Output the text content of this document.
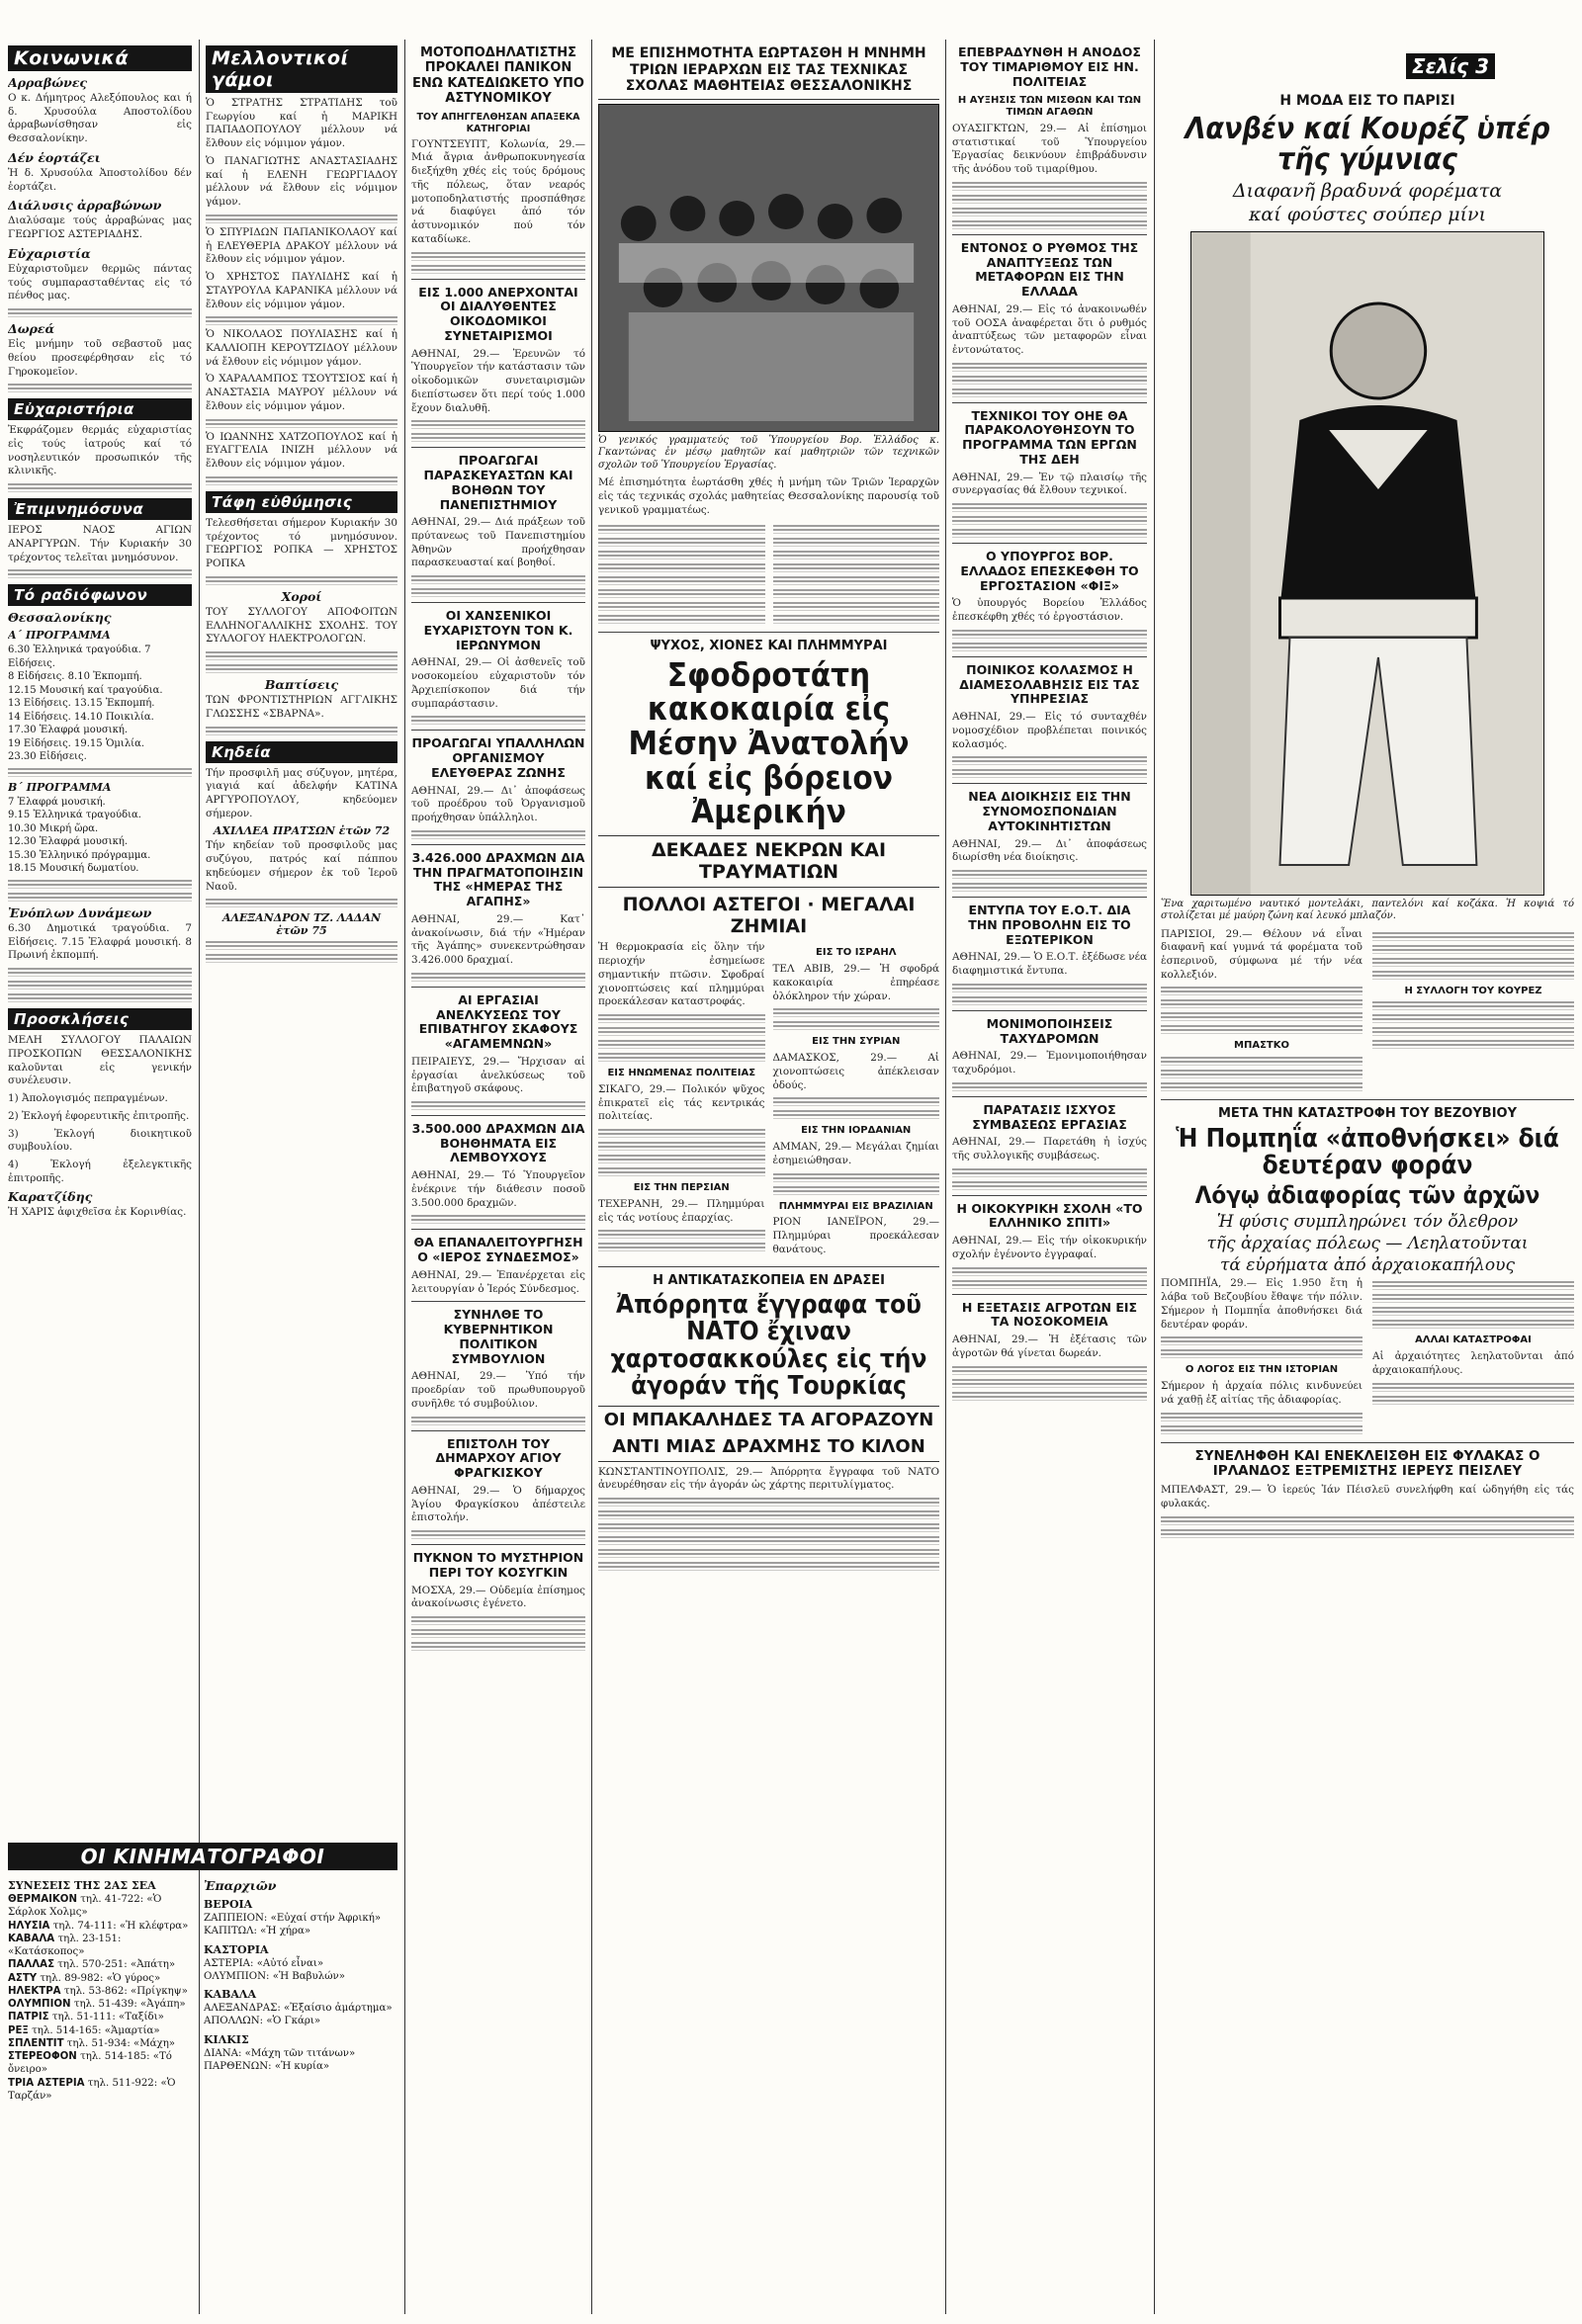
Σελίς 3
Κοινωνικά
Αρραβώνες

Ο κ. Δήμητρος Αλεξόπουλος και ή δ. Χρυσούλα Αποστολίδου ἀρραβωνίσθησαν εἰς Θεσσαλονίκην.

Δέν ἑορτάζει

Ἡ δ. Χρυσούλα Ἀποστολίδου δέν ἑορτάζει.

Διάλυσις ἀρραβώνων

Διαλύσαμε τούς ἀρραβώνας μας ΓΕΩΡΓΙΟΣ ΑΣΤΕΡΙΑΔΗΣ.

Εὐχαριστία

Εὐχαριστοῦμεν θερμῶς πάντας τούς συμπαρασταθέντας εἰς τό πένθος μας.

Δωρεά

Εἰς μνήμην τοῦ σεβαστοῦ μας θείου προσεφέρθησαν εἰς τό Γηροκομεῖον.

Εὐχαριστήρια

Ἐκφράζομεν θερμάς εὐχαριστίας εἰς τούς ἰατρούς καί τό νοσηλευτικόν προσωπικόν τῆς κλινικῆς.

Ἐπιμνημόσυνα

ΙΕΡΟΣ ΝΑΟΣ ΑΓΙΩΝ ΑΝΑΡΓΥΡΩΝ. Τήν Κυριακήν 30 τρέχοντος τελεῖται μνημόσυνον.

Τό ραδιόφωνον
Θεσσαλονίκης
Α΄ ΠΡΟΓΡΑΜΜΑ
6.30 Ἐλληνικά τραγούδια. 7 Εἰδήσεις.
8 Εἰδήσεις. 8.10 Ἐκπομπή.
12.15 Μουσική καί τραγούδια.
13 Εἰδήσεις. 13.15 Ἐκπομπή.
14 Εἰδήσεις. 14.10 Ποικιλία.
17.30 Ἐλαφρά μουσική.
19 Εἰδήσεις. 19.15 Ὁμιλία.
23.30 Εἰδήσεις.
Β΄ ΠΡΟΓΡΑΜΜΑ
7 Ἐλαφρά μουσική.
9.15 Ἐλληνικά τραγούδια.
10.30 Μικρή ὥρα.
12.30 Ἐλαφρά μουσική.
15.30 Ἑλληνικό πρόγραμμα.
18.15 Μουσική δωματίου.
Ἐνόπλων Δυνάμεων

6.30 Δημοτικά τραγούδια. 7 Εἰδήσεις. 7.15 Ἐλαφρά μουσική. 8 Πρωινή ἐκπομπή.

Προσκλήσεις

ΜΕΛΗ ΣΥΛΛΟΓΟΥ ΠΑΛΑΙΩΝ ΠΡΟΣΚΟΠΩΝ ΘΕΣΣΑΛΟΝΙΚΗΣ καλοῦνται εἰς γενικήν συνέλευσιν.

1) Ἀπολογισμός πεπραγμένων.

2) Ἐκλογή ἐφορευτικῆς ἐπιτροπῆς.

3) Ἐκλογή διοικητικοῦ συμβουλίου.

4) Ἐκλογή ἐξελεγκτικῆς ἐπιτροπῆς.

Καρατζίδης

Ἡ ΧΑΡΙΣ ἀφιχθεῖσα ἐκ Κορινθίας.

Μελλοντικοί γάμοι

Ὁ ΣΤΡΑΤΗΣ ΣΤΡΑΤΙΔΗΣ τοῦ Γεωργίου καί ἡ ΜΑΡΙΚΗ ΠΑΠΑΔΟΠΟΥΛΟΥ μέλλουν νά ἔλθουν εἰς νόμιμον γάμον.

Ὁ ΠΑΝΑΓΙΩΤΗΣ ΑΝΑΣΤΑΣΙΑΔΗΣ καί ἡ ΕΛΕΝΗ ΓΕΩΡΓΙΑΔΟΥ μέλλουν νά ἔλθουν εἰς νόμιμον γάμον.

Ὁ ΣΠΥΡΙΔΩΝ ΠΑΠΑΝΙΚΟΛΑΟΥ καί ἡ ΕΛΕΥΘΕΡΙΑ ΔΡΑΚΟΥ μέλλουν νά ἔλθουν εἰς νόμιμον γάμον.

Ὁ ΧΡΗΣΤΟΣ ΠΑΥΛΙΔΗΣ καί ἡ ΣΤΑΥΡΟΥΛΑ ΚΑΡΑΝΙΚΑ μέλλουν νά ἔλθουν εἰς νόμιμον γάμον.

Ὁ ΝΙΚΟΛΑΟΣ ΠΟΥΛΙΑΣΗΣ καί ἡ ΚΑΛΛΙΟΠΗ ΚΕΡΟΥΤΖΙΔΟΥ μέλλουν νά ἔλθουν εἰς νόμιμον γάμον.

Ὁ ΧΑΡΑΛΑΜΠΟΣ ΤΣΟΥΤΣΙΟΣ καί ἡ ΑΝΑΣΤΑΣΙΑ ΜΑΥΡΟΥ μέλλουν νά ἔλθουν εἰς νόμιμον γάμον.

Ὁ ΙΩΑΝΝΗΣ ΧΑΤΖΟΠΟΥΛΟΣ καί ἡ ΕΥΑΓΓΕΛΙΑ ΙΝΙΖΗ μέλλουν νά ἔλθουν εἰς νόμιμον γάμον.

Τάφη εὐθύμησις

Τελεσθήσεται σήμερον Κυριακήν 30 τρέχοντος τό μνημόσυνον. ΓΕΩΡΓΙΟΣ ΡΟΠΚΑ — ΧΡΗΣΤΟΣ ΡΟΠΚΑ

Χοροί

ΤΟΥ ΣΥΛΛΟΓΟΥ ΑΠΟΦΟΙΤΩΝ ΕΛΛΗΝΟΓΑΛΛΙΚΗΣ ΣΧΟΛΗΣ. ΤΟΥ ΣΥΛΛΟΓΟΥ ΗΛΕΚΤΡΟΛΟΓΩΝ.

Βαπτίσεις

ΤΩΝ ΦΡΟΝΤΙΣΤΗΡΙΩΝ ΑΓΓΛΙΚΗΣ ΓΛΩΣΣΗΣ «ΣΒΑΡΝΑ».

Κηδεία

Τήν προσφιλῆ μας σύζυγον, μητέρα, γιαγιά καί ἀδελφήν ΚΑΤΙΝΑ ΑΡΓΥΡΟΠΟΥΛΟΥ, κηδεύομεν σήμερον.

ΑΧΙΛΛΕΑ ΠΡΑΤΣΩΝ ἐτῶν 72

Τήν κηδείαν τοῦ προσφιλοῦς μας συζύγου, πατρός καί πάππου κηδεύομεν σήμερον ἐκ τοῦ Ἱεροῦ Ναοῦ.

ΑΛΕΞΑΝΔΡΟΝ ΤΖ. ΛΑΔΑΝ ἐτῶν 75
ΟΙ ΚΙΝΗΜΑΤΟΓΡΑΦΟΙ
ΣΥΝΕΣΕΙΣ ΤΗΣ 2ΑΣ ΣΕΑ
ΘΕΡΜΑΙΚΟΝ τηλ. 41-722: «Ὁ Σάρλοκ Χολμς»
ΗΛΥΣΙΑ τηλ. 74-111: «Ἡ κλέφτρα»
ΚΑΒΑΛΑ τηλ. 23-151: «Κατάσκοπος»
ΠΑΛΛΑΣ τηλ. 570-251: «Ἀπάτη»
ΑΣΤΥ τηλ. 89-982: «Ὁ γύρος»
ΗΛΕΚΤΡΑ τηλ. 53-862: «Πρίγκηψ»
ΟΛΥΜΠΙΟΝ τηλ. 51-439: «Ἀγάπη»
ΠΑΤΡΙΣ τηλ. 51-111: «Ταξίδι»
ΡΕΞ τηλ. 514-165: «Ἁμαρτία»
ΣΠΛΕΝΤΙΤ τηλ. 51-934: «Μάχη»
ΣΤΕΡΕΟΦΟΝ τηλ. 514-185: «Τό ὄνειρο»
ΤΡΙΑ ΑΣΤΕΡΙΑ τηλ. 511-922: «Ὁ Ταρζάν»
Ἐπαρχιῶν
ΒΕΡΟΙΑ
ΖΑΠΠΕΙΟΝ: «Εὐχαί στήν Ἀφρική»
ΚΑΠΙΤΩΛ: «Ἡ χήρα»
ΚΑΣΤΟΡΙΑ
ΑΣΤΕΡΙΑ: «Αὐτό εἶναι»
ΟΛΥΜΠΙΟΝ: «Ἡ Βαβυλών»
ΚΑΒΑΛΑ
ΑΛΕΞΑΝΔΡΑΣ: «Ἐξαίσιο ἀμάρτημα»
ΑΠΟΛΛΩΝ: «Ὁ Γκάρι»
ΚΙΛΚΙΣ
ΔΙΑΝΑ: «Μάχη τῶν τιτάνων»
ΠΑΡΘΕΝΩΝ: «Ἡ κυρία»
ΜΟΤΟΠΟΔΗΛΑΤΙΣΤΗΣ ΠΡΟΚΑΛΕΙ ΠΑΝΙΚΟΝ ΕΝΩ ΚΑΤΕΔΙΩΚΕΤΟ ΥΠΟ ΑΣΤΥΝΟΜΙΚΟΥ
ΤΟΥ ΑΠΗΓΓΕΛΘΗΣΑΝ ΑΠΑΞΕΚΑ ΚΑΤΗΓΟΡΙΑΙ

ΓΟΥΝΤΣΕΥΠΤ, Κολωνία, 29.— Μιά ἄγρια ἀνθρωποκυνηγεσία διεξήχθη χθές εἰς τούς δρόμους τῆς πόλεως, ὅταν νεαρός μοτοποδηλατιστής προσπάθησε νά διαφύγει ἀπό τόν ἀστυνομικόν πού τόν καταδίωκε.

ΕΙΣ 1.000 ΑΝΕΡΧΟΝΤΑΙ ΟΙ ΔΙΑΛΥΘΕΝΤΕΣ ΟΙΚΟΔΟΜΙΚΟΙ ΣΥΝΕΤΑΙΡΙΣΜΟΙ

ΑΘΗΝΑΙ, 29.— Ἐρευνῶν τό Ὑπουργεῖον τήν κατάστασιν τῶν οἰκοδομικῶν συνεταιρισμῶν διεπίστωσεν ὅτι περί τούς 1.000 ἔχουν διαλυθῆ.

ΠΡΟΑΓΩΓΑΙ ΠΑΡΑΣΚΕΥΑΣΤΩΝ ΚΑΙ ΒΟΗΘΩΝ ΤΟΥ ΠΑΝΕΠΙΣΤΗΜΙΟΥ

ΑΘΗΝΑΙ, 29.— Διά πράξεων τοῦ πρύτανεως τοῦ Πανεπιστημίου Ἀθηνῶν προήχθησαν παρασκευασταί καί βοηθοί.

ΟΙ ΧΑΝΣΕΝΙΚΟΙ ΕΥΧΑΡΙΣΤΟΥΝ ΤΟΝ Κ. ΙΕΡΩΝΥΜΟΝ

ΑΘΗΝΑΙ, 29.— Οἱ ἀσθενεῖς τοῦ νοσοκομείου εὐχαριστοῦν τόν Ἀρχιεπίσκοπον διά τήν συμπαράστασιν.

ΠΡΟΑΓΩΓΑΙ ΥΠΑΛΛΗΛΩΝ ΟΡΓΑΝΙΣΜΟΥ ΕΛΕΥΘΕΡΑΣ ΖΩΝΗΣ

ΑΘΗΝΑΙ, 29.— Δι᾽ ἀποφάσεως τοῦ προέδρου τοῦ Ὀργανισμοῦ προήχθησαν ὑπάλληλοι.

3.426.000 ΔΡΑΧΜΩΝ ΔΙΑ ΤΗΝ ΠΡΑΓΜΑΤΟΠΟΙΗΣΙΝ ΤΗΣ «ΗΜΕΡΑΣ ΤΗΣ ΑΓΑΠΗΣ»

ΑΘΗΝΑΙ, 29.— Κατ᾽ ἀνακοίνωσιν, διά τήν «Ἡμέραν τῆς Ἀγάπης» συνεκεντρώθησαν 3.426.000 δραχμαί.

ΑΙ ΕΡΓΑΣΙΑΙ ΑΝΕΛΚΥΣΕΩΣ ΤΟΥ ΕΠΙΒΑΤΗΓΟΥ ΣΚΑΦΟΥΣ «ΑΓΑΜΕΜΝΩΝ»

ΠΕΙΡΑΙΕΥΣ, 29.— Ἤρχισαν αἱ ἐργασίαι ἀνελκύσεως τοῦ ἐπιβατηγοῦ σκάφους.

3.500.000 ΔΡΑΧΜΩΝ ΔΙΑ ΒΟΗΘΗΜΑΤΑ ΕΙΣ ΛΕΜΒΟΥΧΟΥΣ

ΑΘΗΝΑΙ, 29.— Τό Ὑπουργεῖον ἐνέκρινε τήν διάθεσιν ποσοῦ 3.500.000 δραχμῶν.

ΘΑ ΕΠΑΝΑΛΕΙΤΟΥΡΓΗΣΗ Ο «ΙΕΡΟΣ ΣΥΝΔΕΣΜΟΣ»

ΑΘΗΝΑΙ, 29.— Ἐπανέρχεται εἰς λειτουργίαν ὁ Ἱερός Σύνδεσμος.

ΣΥΝΗΛΘΕ ΤΟ ΚΥΒΕΡΝΗΤΙΚΟΝ ΠΟΛΙΤΙΚΟΝ ΣΥΜΒΟΥΛΙΟΝ

ΑΘΗΝΑΙ, 29.— Ὑπό τήν προεδρίαν τοῦ πρωθυπουργοῦ συνῆλθε τό συμβούλιον.

ΕΠΙΣΤΟΛΗ ΤΟΥ ΔΗΜΑΡΧΟΥ ΑΓΙΟΥ ΦΡΑΓΚΙΣΚΟΥ

ΑΘΗΝΑΙ, 29.— Ὁ δήμαρχος Ἁγίου Φραγκίσκου ἀπέστειλε ἐπιστολήν.

ΠΥΚΝΟΝ ΤΟ ΜΥΣΤΗΡΙΟΝ ΠΕΡΙ ΤΟΥ ΚΟΣΥΓΚΙΝ

ΜΟΣΧΑ, 29.— Οὐδεμία ἐπίσημος ἀνακοίνωσις ἐγένετο.

ΜΕ ΕΠΙΣΗΜΟΤΗΤΑ ΕΩΡΤΑΣΘΗ Η ΜΝΗΜΗ ΤΡΙΩΝ ΙΕΡΑΡΧΩΝ ΕΙΣ ΤΑΣ ΤΕΧΝΙΚΑΣ ΣΧΟΛΑΣ ΜΑΘΗΤΕΙΑΣ ΘΕΣΣΑΛΟΝΙΚΗΣ

Ὁ γενικός γραμματεύς τοῦ Ὑπουργείου Βορ. Ἑλλάδος κ. Γκαντώνας ἐν μέσῳ μαθητῶν καί μαθητριῶν τῶν τεχνικῶν σχολῶν τοῦ Ὑπουργείου Ἐργασίας.

Μέ ἐπισημότητα ἑωρτάσθη χθές ἡ μνήμη τῶν Τριῶν Ἱεραρχῶν εἰς τάς τεχνικάς σχολάς μαθητείας Θεσσαλονίκης παρουσίᾳ τοῦ γενικοῦ γραμματέως.

ΨΥΧΟΣ, ΧΙΟΝΕΣ ΚΑΙ ΠΛΗΜΜΥΡΑΙ
Σφοδροτάτη κακοκαιρία εἰς Μέσην Ἀνατολήν καί εἰς βόρειον Ἀμερικήν
ΔΕΚΑΔΕΣ ΝΕΚΡΩΝ ΚΑΙ ΤΡΑΥΜΑΤΙΩΝ
ΠΟΛΛΟΙ ΑΣΤΕΓΟΙ · ΜΕΓΑΛΑΙ ΖΗΜΙΑΙ

Ἡ θερμοκρασία εἰς ὅλην τήν περιοχήν ἐσημείωσε σημαντικήν πτῶσιν. Σφοδραί χιονοπτώσεις καί πλημμύραι προεκάλεσαν καταστροφάς.

ΕΙΣ ΗΝΩΜΕΝΑΣ ΠΟΛΙΤΕΙΑΣ

ΣΙΚΑΓΟ, 29.— Πολικόν ψῦχος ἐπικρατεῖ εἰς τάς κεντρικάς πολιτείας.

ΕΙΣ ΤΗΝ ΠΕΡΣΙΑΝ

ΤΕΧΕΡΑΝΗ, 29.— Πλημμύραι εἰς τάς νοτίους ἐπαρχίας.

ΕΙΣ ΤΟ ΙΣΡΑΗΛ

ΤΕΛ ΑΒΙΒ, 29.— Ἡ σφοδρά κακοκαιρία ἐπηρέασε ὁλόκληρον τήν χώραν.

ΕΙΣ ΤΗΝ ΣΥΡΙΑΝ

ΔΑΜΑΣΚΟΣ, 29.— Αἱ χιονοπτώσεις ἀπέκλεισαν ὁδούς.

ΕΙΣ ΤΗΝ ΙΟΡΔΑΝΙΑΝ

ΑΜΜΑΝ, 29.— Μεγάλαι ζημίαι ἐσημειώθησαν.

ΠΛΗΜΜΥΡΑΙ ΕΙΣ ΒΡΑΖΙΛΙΑΝ

ΡΙΟΝ ΙΑΝΕΪΡΟΝ, 29.— Πλημμύραι προεκάλεσαν θανάτους.

Η ΑΝΤΙΚΑΤΑΣΚΟΠΕΙΑ ΕΝ ΔΡΑΣΕΙ
Ἀπόρρητα ἔγγραφα τοῦ ΝΑΤΟ ἔχιναν χαρτοσακκούλες εἰς τήν ἀγοράν τῆς Τουρκίας
ΟΙ ΜΠΑΚΑΛΗΔΕΣ ΤΑ ΑΓΟΡΑΖΟΥΝ
ΑΝΤΙ ΜΙΑΣ ΔΡΑΧΜΗΣ ΤΟ ΚΙΛΟΝ

ΚΩΝΣΤΑΝΤΙΝΟΥΠΟΛΙΣ, 29.— Ἀπόρρητα ἔγγραφα τοῦ ΝΑΤΟ ἀνευρέθησαν εἰς τήν ἀγοράν ὡς χάρτης περιτυλίγματος.

ΕΠΕΒΡΑΔΥΝΘΗ Η ΑΝΟΔΟΣ ΤΟΥ ΤΙΜΑΡΙΘΜΟΥ ΕΙΣ ΗΝ. ΠΟΛΙΤΕΙΑΣ
Η ΑΥΞΗΣΙΣ ΤΩΝ ΜΙΣΘΩΝ ΚΑΙ ΤΩΝ ΤΙΜΩΝ ΑΓΑΘΩΝ

ΟΥΑΣΙΓΚΤΩΝ, 29.— Αἱ ἐπίσημοι στατιστικαί τοῦ Ὑπουργείου Ἐργασίας δεικνύουν ἐπιβράδυνσιν τῆς ἀνόδου τοῦ τιμαρίθμου.

ΕΝΤΟΝΟΣ Ο ΡΥΘΜΟΣ ΤΗΣ ΑΝΑΠΤΥΞΕΩΣ ΤΩΝ ΜΕΤΑΦΟΡΩΝ ΕΙΣ ΤΗΝ ΕΛΛΑΔΑ

ΑΘΗΝΑΙ, 29.— Εἰς τό ἀνακοινωθέν τοῦ ΟΟΣΑ ἀναφέρεται ὅτι ὁ ρυθμός ἀναπτύξεως τῶν μεταφορῶν εἶναι ἐντονώτατος.

ΤΕΧΝΙΚΟΙ ΤΟΥ ΟΗΕ ΘΑ ΠΑΡΑΚΟΛΟΥΘΗΣΟΥΝ ΤΟ ΠΡΟΓΡΑΜΜΑ ΤΩΝ ΕΡΓΩΝ ΤΗΣ ΔΕΗ

ΑΘΗΝΑΙ, 29.— Ἐν τῷ πλαισίῳ τῆς συνεργασίας θά ἔλθουν τεχνικοί.

Ο ΥΠΟΥΡΓΟΣ ΒΟΡ. ΕΛΛΑΔΟΣ ΕΠΕΣΚΕΦΘΗ ΤΟ ΕΡΓΟΣΤΑΣΙΟΝ «ΦΙΞ»

Ὁ ὑπουργός Βορείου Ἑλλάδος ἐπεσκέφθη χθές τό ἐργοστάσιον.

ΠΟΙΝΙΚΟΣ ΚΟΛΑΣΜΟΣ Η ΔΙΑΜΕΣΟΛΑΒΗΣΙΣ ΕΙΣ ΤΑΣ ΥΠΗΡΕΣΙΑΣ

ΑΘΗΝΑΙ, 29.— Εἰς τό συνταχθέν νομοσχέδιον προβλέπεται ποινικός κολασμός.

ΝΕΑ ΔΙΟΙΚΗΣΙΣ ΕΙΣ ΤΗΝ ΣΥΝΟΜΟΣΠΟΝΔΙΑΝ ΑΥΤΟΚΙΝΗΤΙΣΤΩΝ

ΑΘΗΝΑΙ, 29.— Δι᾽ ἀποφάσεως διωρίσθη νέα διοίκησις.

ΕΝΤΥΠΑ ΤΟΥ Ε.Ο.Τ. ΔΙΑ ΤΗΝ ΠΡΟΒΟΛΗΝ ΕΙΣ ΤΟ ΕΞΩΤΕΡΙΚΟΝ

ΑΘΗΝΑΙ, 29.— Ὁ Ε.Ο.Τ. ἐξέδωσε νέα διαφημιστικά ἔντυπα.

ΜΟΝΙΜΟΠΟΙΗΣΕΙΣ ΤΑΧΥΔΡΟΜΩΝ

ΑΘΗΝΑΙ, 29.— Ἐμονιμοποιήθησαν ταχυδρόμοι.

ΠΑΡΑΤΑΣΙΣ ΙΣΧΥΟΣ ΣΥΜΒΑΣΕΩΣ ΕΡΓΑΣΙΑΣ

ΑΘΗΝΑΙ, 29.— Παρετάθη ἡ ἰσχύς τῆς συλλογικῆς συμβάσεως.

Η ΟΙΚΟΚΥΡΙΚΗ ΣΧΟΛΗ «ΤΟ ΕΛΛΗΝΙΚΟ ΣΠΙΤΙ»

ΑΘΗΝΑΙ, 29.— Εἰς τήν οἰκοκυρικήν σχολήν ἐγένοντο ἐγγραφαί.

Η ΕΞΕΤΑΣΙΣ ΑΓΡΟΤΩΝ ΕΙΣ ΤΑ ΝΟΣΟΚΟΜΕΙΑ

ΑΘΗΝΑΙ, 29.— Ἡ ἐξέτασις τῶν ἀγροτῶν θά γίνεται δωρεάν.

Η ΜΟΔΑ ΕΙΣ ΤΟ ΠΑΡΙΣΙ
Λανβέν καί Κουρέζ ὑπέρ τῆς γύμνιας
Διαφανῆ βραδυνά φορέματα
καί φούστες σούπερ μίνι

Ἕνα χαριτωμένο ναυτικό μοντελάκι, παντελόνι καί κοζάκα. Ἡ κοψιά τό στολίζεται μέ μαύρη ζώνη καί λευκό μπλαζόν.

ΠΑΡΙΣΙΟΙ, 29.— Θέλουν νά εἶναι διαφανῆ καί γυμνά τά φορέματα τοῦ ἑσπερινοῦ, σύμφωνα μέ τήν νέα κολλεξιόν.

ΜΠΑΣΤΚΟ
Η ΣΥΛΛΟΓΗ ΤΟΥ ΚΟΥΡΕΖ
ΜΕΤΑ ΤΗΝ ΚΑΤΑΣΤΡΟΦΗ ΤΟΥ ΒΕΖΟΥΒΙΟΥ
Ἡ Πομπηΐα «ἀποθνήσκει» διά δευτέραν φοράν
Λόγῳ ἀδιαφορίας τῶν ἀρχῶν
Ἡ φύσις συμπληρώνει τόν ὄλεθρον
τῆς ἀρχαίας πόλεως — Λεηλατοῦνται
τά εὑρήματα ἀπό ἀρχαιοκαπήλους

ΠΟΜΠΗΪΑ, 29.— Εἰς 1.950 ἔτη ἡ λάβα τοῦ Βεζουβίου ἔθαψε τήν πόλιν. Σήμερον ἡ Πομπηΐα ἀποθνήσκει διά δευτέραν φοράν.

Ο ΛΟΓΟΣ ΕΙΣ ΤΗΝ ΙΣΤΟΡΙΑΝ

Σήμερον ἡ ἀρχαία πόλις κινδυνεύει νά χαθῇ ἐξ αἰτίας τῆς ἀδιαφορίας.

ΑΛΛΑΙ ΚΑΤΑΣΤΡΟΦΑΙ

Αἱ ἀρχαιότητες λεηλατοῦνται ἀπό ἀρχαιοκαπήλους.

ΣΥΝΕΛΗΦΘΗ ΚΑΙ ΕΝΕΚΛΕΙΣΘΗ ΕΙΣ ΦΥΛΑΚΑΣ Ο ΙΡΛΑΝΔΟΣ ΕΞΤΡΕΜΙΣΤΗΣ ΙΕΡΕΥΣ ΠΕΙΣΛΕΥ

ΜΠΕΛΦΑΣΤ, 29.— Ὁ ἱερεύς Ἰάν Πέισλεϋ συνελήφθη καί ὡδηγήθη εἰς τάς φυλακάς.
